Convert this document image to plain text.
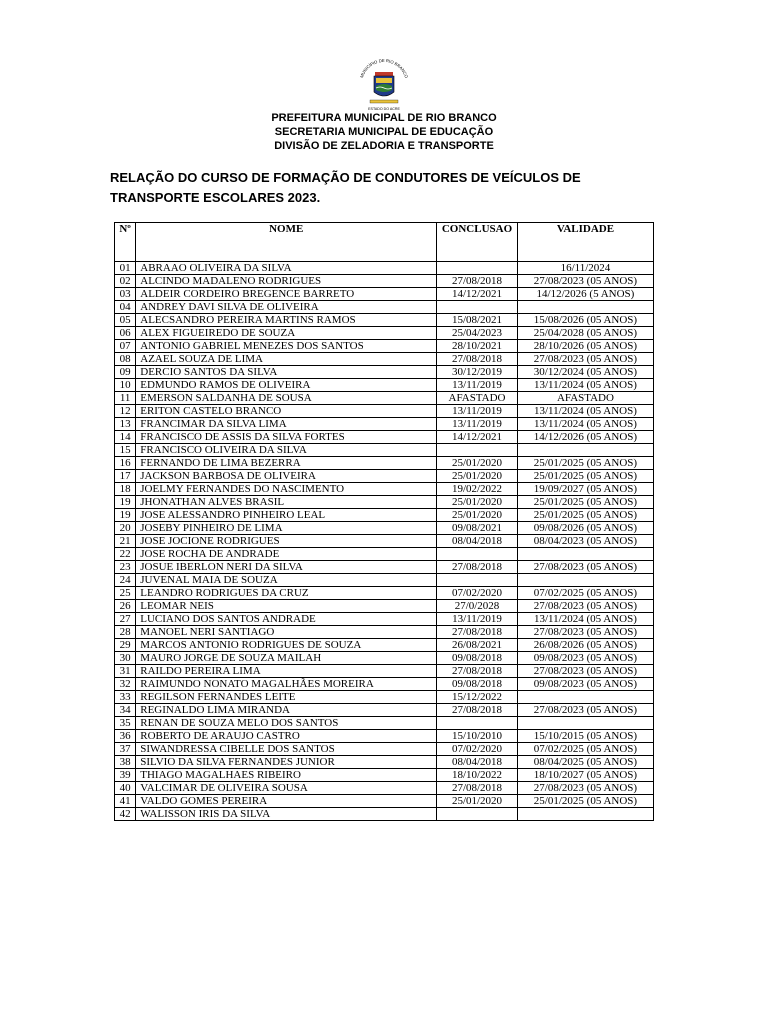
MUNICÍPIO DE RIO BRANCO
ESTADO DO ACRE
PREFEITURA MUNICIPAL DE RIO BRANCO
SECRETARIA MUNICIPAL DE EDUCAÇÃO
DIVISÃO DE ZELADORIA E TRANSPORTE
RELAÇÃO DO CURSO DE FORMAÇÃO DE CONDUTORES DE VEÍCULOS DE TRANSPORTE ESCOLARES 2023.
Nº	NOME	CONCLUSAO	VALIDADE
01	ABRAAO OLIVEIRA DA SILVA		16/11/2024
02	ALCINDO MADALENO RODRIGUES	27/08/2018	27/08/2023 (05 ANOS)
03	ALDEIR CORDEIRO BREGENCE BARRETO	14/12/2021	14/12/2026 (5 ANOS)
04	ANDREY DAVI SILVA DE OLIVEIRA		
05	ALECSANDRO PEREIRA MARTINS RAMOS	15/08/2021	15/08/2026 (05 ANOS)
06	ALEX FIGUEIREDO DE SOUZA	25/04/2023	25/04/2028 (05 ANOS)
07	ANTONIO GABRIEL MENEZES DOS SANTOS	28/10/2021	28/10/2026 (05 ANOS)
08	AZAEL SOUZA DE LIMA	27/08/2018	27/08/2023 (05 ANOS)
09	DERCIO SANTOS DA SILVA	30/12/2019	30/12/2024 (05 ANOS)
10	EDMUNDO RAMOS DE OLIVEIRA	13/11/2019	13/11/2024 (05 ANOS)
11	EMERSON SALDANHA DE SOUSA	AFASTADO	AFASTADO
12	ERITON CASTELO BRANCO	13/11/2019	13/11/2024 (05 ANOS)
13	FRANCIMAR DA SILVA LIMA	13/11/2019	13/11/2024 (05 ANOS)
14	FRANCISCO DE ASSIS DA SILVA FORTES	14/12/2021	14/12/2026 (05 ANOS)
15	FRANCISCO OLIVEIRA DA SILVA		
16	FERNANDO DE LIMA BEZERRA	25/01/2020	25/01/2025 (05 ANOS)
17	JACKSON BARBOSA DE OLIVEIRA	25/01/2020	25/01/2025 (05 ANOS)
18	JOELMY FERNANDES DO NASCIMENTO	19/02/2022	19/09/2027 (05 ANOS)
19	JHONATHAN ALVES BRASIL	25/01/2020	25/01/2025 (05 ANOS)
19	JOSE ALESSANDRO PINHEIRO LEAL	25/01/2020	25/01/2025 (05 ANOS)
20	JOSEBY PINHEIRO DE LIMA	09/08/2021	09/08/2026 (05 ANOS)
21	JOSE JOCIONE RODRIGUES	08/04/2018	08/04/2023 (05 ANOS)
22	JOSE ROCHA DE ANDRADE		
23	JOSUE IBERLON NERI DA SILVA	27/08/2018	27/08/2023 (05 ANOS)
24	JUVENAL MAIA DE SOUZA		
25	LEANDRO RODRIGUES DA CRUZ	07/02/2020	07/02/2025 (05 ANOS)
26	LEOMAR NEIS	27/0/2028	27/08/2023 (05 ANOS)
27	LUCIANO DOS SANTOS ANDRADE	13/11/2019	13/11/2024 (05 ANOS)
28	MANOEL NERI SANTIAGO	27/08/2018	27/08/2023 (05 ANOS)
29	MARCOS ANTONIO RODRIGUES DE SOUZA	26/08/2021	26/08/2026 (05 ANOS)
30	MAURO JORGE DE SOUZA MAILAH	09/08/2018	09/08/2023 (05 ANOS)
31	RAILDO PEREIRA LIMA	27/08/2018	27/08/2023 (05 ANOS)
32	RAIMUNDO NONATO MAGALHÃES MOREIRA	09/08/2018	09/08/2023 (05 ANOS)
33	REGILSON FERNANDES LEITE	15/12/2022	
34	REGINALDO LIMA MIRANDA	27/08/2018	27/08/2023 (05 ANOS)
35	RENAN DE SOUZA MELO DOS SANTOS		
36	ROBERTO DE ARAUJO CASTRO	15/10/2010	15/10/2015 (05 ANOS)
37	SIWANDRESSA CIBELLE DOS SANTOS	07/02/2020	07/02/2025 (05 ANOS)
38	SILVIO DA SILVA FERNANDES JUNIOR	08/04/2018	08/04/2025 (05 ANOS)
39	THIAGO MAGALHAES RIBEIRO	18/10/2022	18/10/2027 (05 ANOS)
40	VALCIMAR DE OLIVEIRA SOUSA	27/08/2018	27/08/2023 (05 ANOS)
41	VALDO GOMES PEREIRA	25/01/2020	25/01/2025 (05 ANOS)
42	WALISSON IRIS DA SILVA		
